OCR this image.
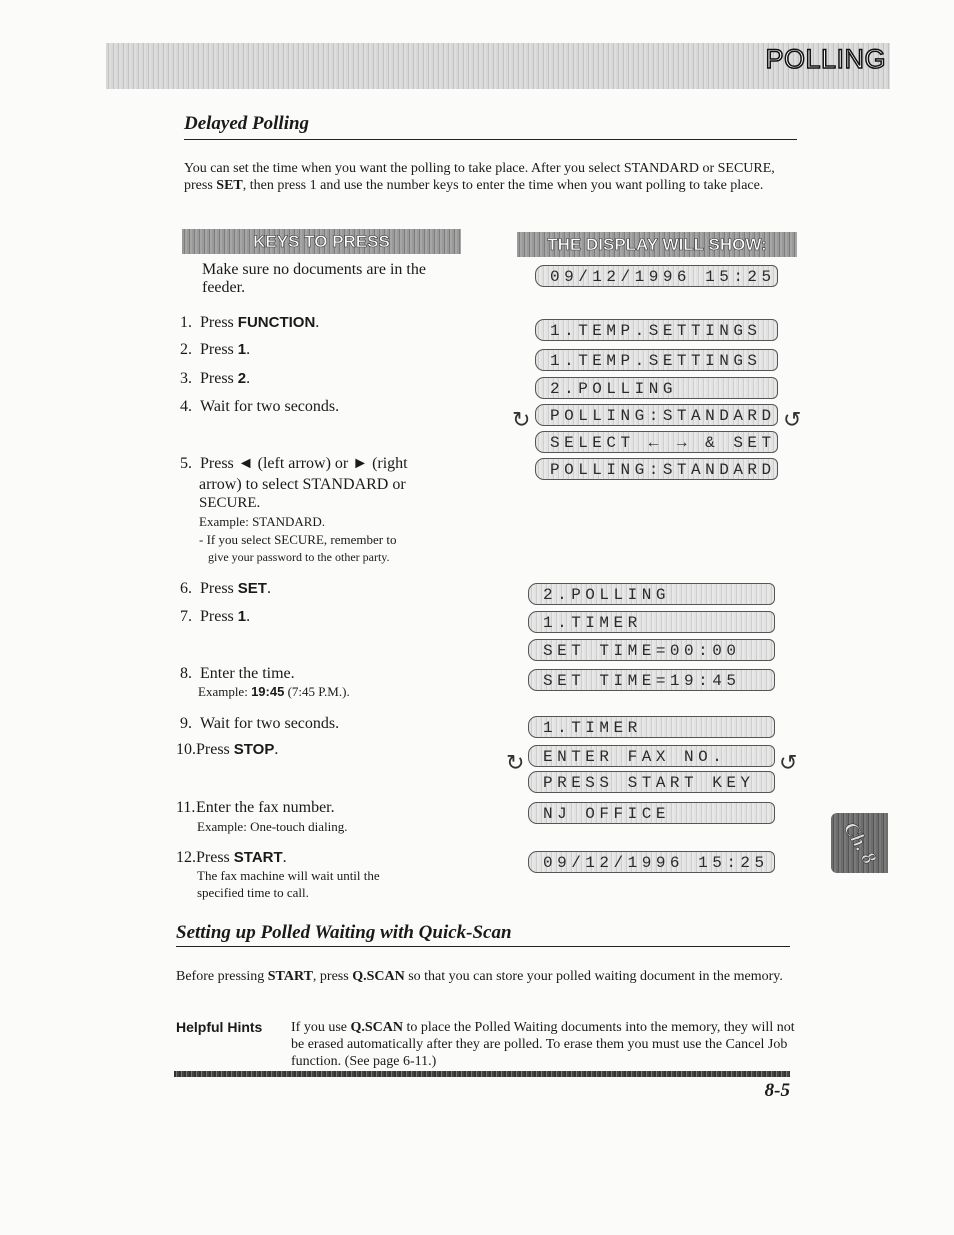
POLLING
Delayed Polling
You can set the time when you want the polling to take place. After you select STANDARD or SECURE, press SET, then press 1 and use the number keys to enter the time when you want polling to take place.
KEYS TO PRESS	THE DISPLAY WILL SHOW:
Make sure no documents are in the feeder.
1. Press FUNCTION.
2. Press 1.
3. Press 2.
4. Wait for two seconds.
5. Press ◄ (left arrow) or ► (right
arrow) to select STANDARD or
SECURE.
Example: STANDARD.
- If you select SECURE, remember to
give your password to the other party.
6. Press SET.
7. Press 1.
8. Enter the time.
Example: 19:45 (7:45 P.M.).
9. Wait for two seconds.
10.Press STOP.
11.Enter the fax number.
Example: One-touch dialing.
12.Press START.
The fax machine will wait until the
specified time to call.
09/12/1996 15:25
1.TEMP.SETTINGS
1.TEMP.SETTINGS
2.POLLING
POLLING:STANDARD
SELECT ← → & SET
↻	↺
POLLING:STANDARD
2.POLLING
1.TIMER
SET TIME=00:00
SET TIME=19:45
1.TIMER
ENTER FAX NO.
PRESS START KEY
↻	↺
NJ OFFICE
09/12/1996 15:25	Ch. 8
Setting up Polled Waiting with Quick-Scan
Before pressing START, press Q.SCAN so that you can store your polled waiting document in the memory.
Helpful Hints If you use Q.SCAN to place the Polled Waiting documents into the memory, they will not be erased automatically after they are polled. To erase them you must use the Cancel Job function. (See page 6-11.)
8-5
